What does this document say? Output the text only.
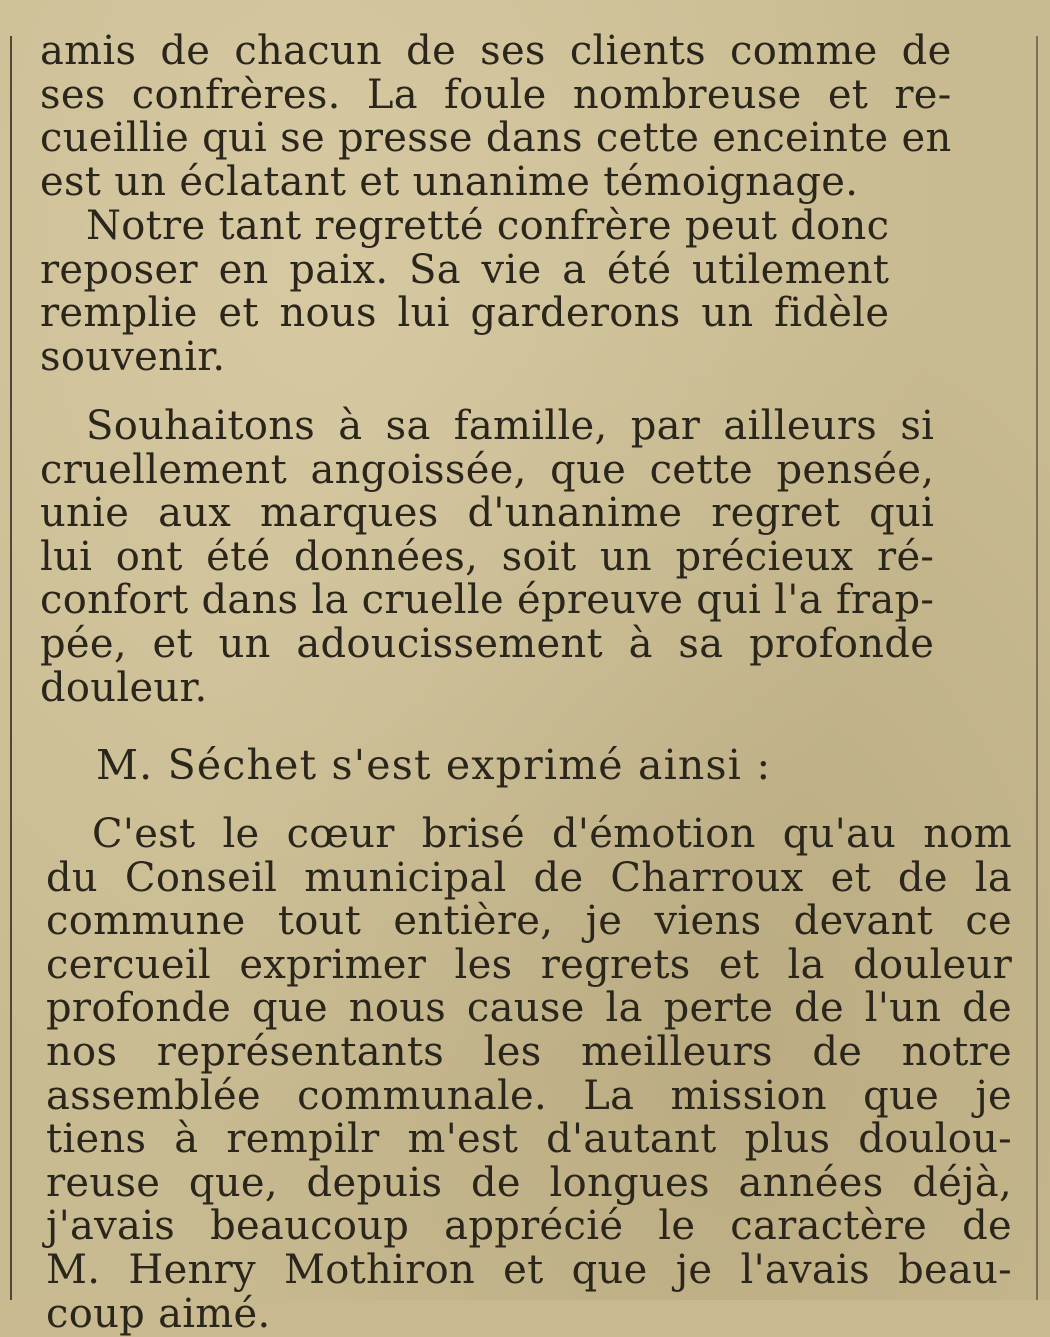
amis de chacun de ses clients comme de
ses confrères. La foule nombreuse et re-
cueillie qui se presse dans cette enceinte en
est un éclatant et unanime témoignage.

Notre tant regretté confrère peut donc
reposer en paix. Sa vie a été utilement
remplie et nous lui garderons un fidèle
souvenir.

Souhaitons à sa famille, par ailleurs si
cruellement angoissée, que cette pensée,
unie aux marques d'unanime regret qui
lui ont été données, soit un précieux ré-
confort dans la cruelle épreuve qui l'a frap-
pée, et un adoucissement à sa profonde
douleur.

M. Séchet s'est exprimé ainsi :

C'est le cœur brisé d'émotion qu'au nom
du Conseil municipal de Charroux et de la
commune tout entière, je viens devant ce
cercueil exprimer les regrets et la douleur
profonde que nous cause la perte de l'un de
nos représentants les meilleurs de notre
assemblée communale. La mission que je
tiens à rempilr m'est d'autant plus doulou-
reuse que, depuis de longues années déjà,
j'avais beaucoup apprécié le caractère de
M. Henry Mothiron et que je l'avais beau-
coup aimé.
